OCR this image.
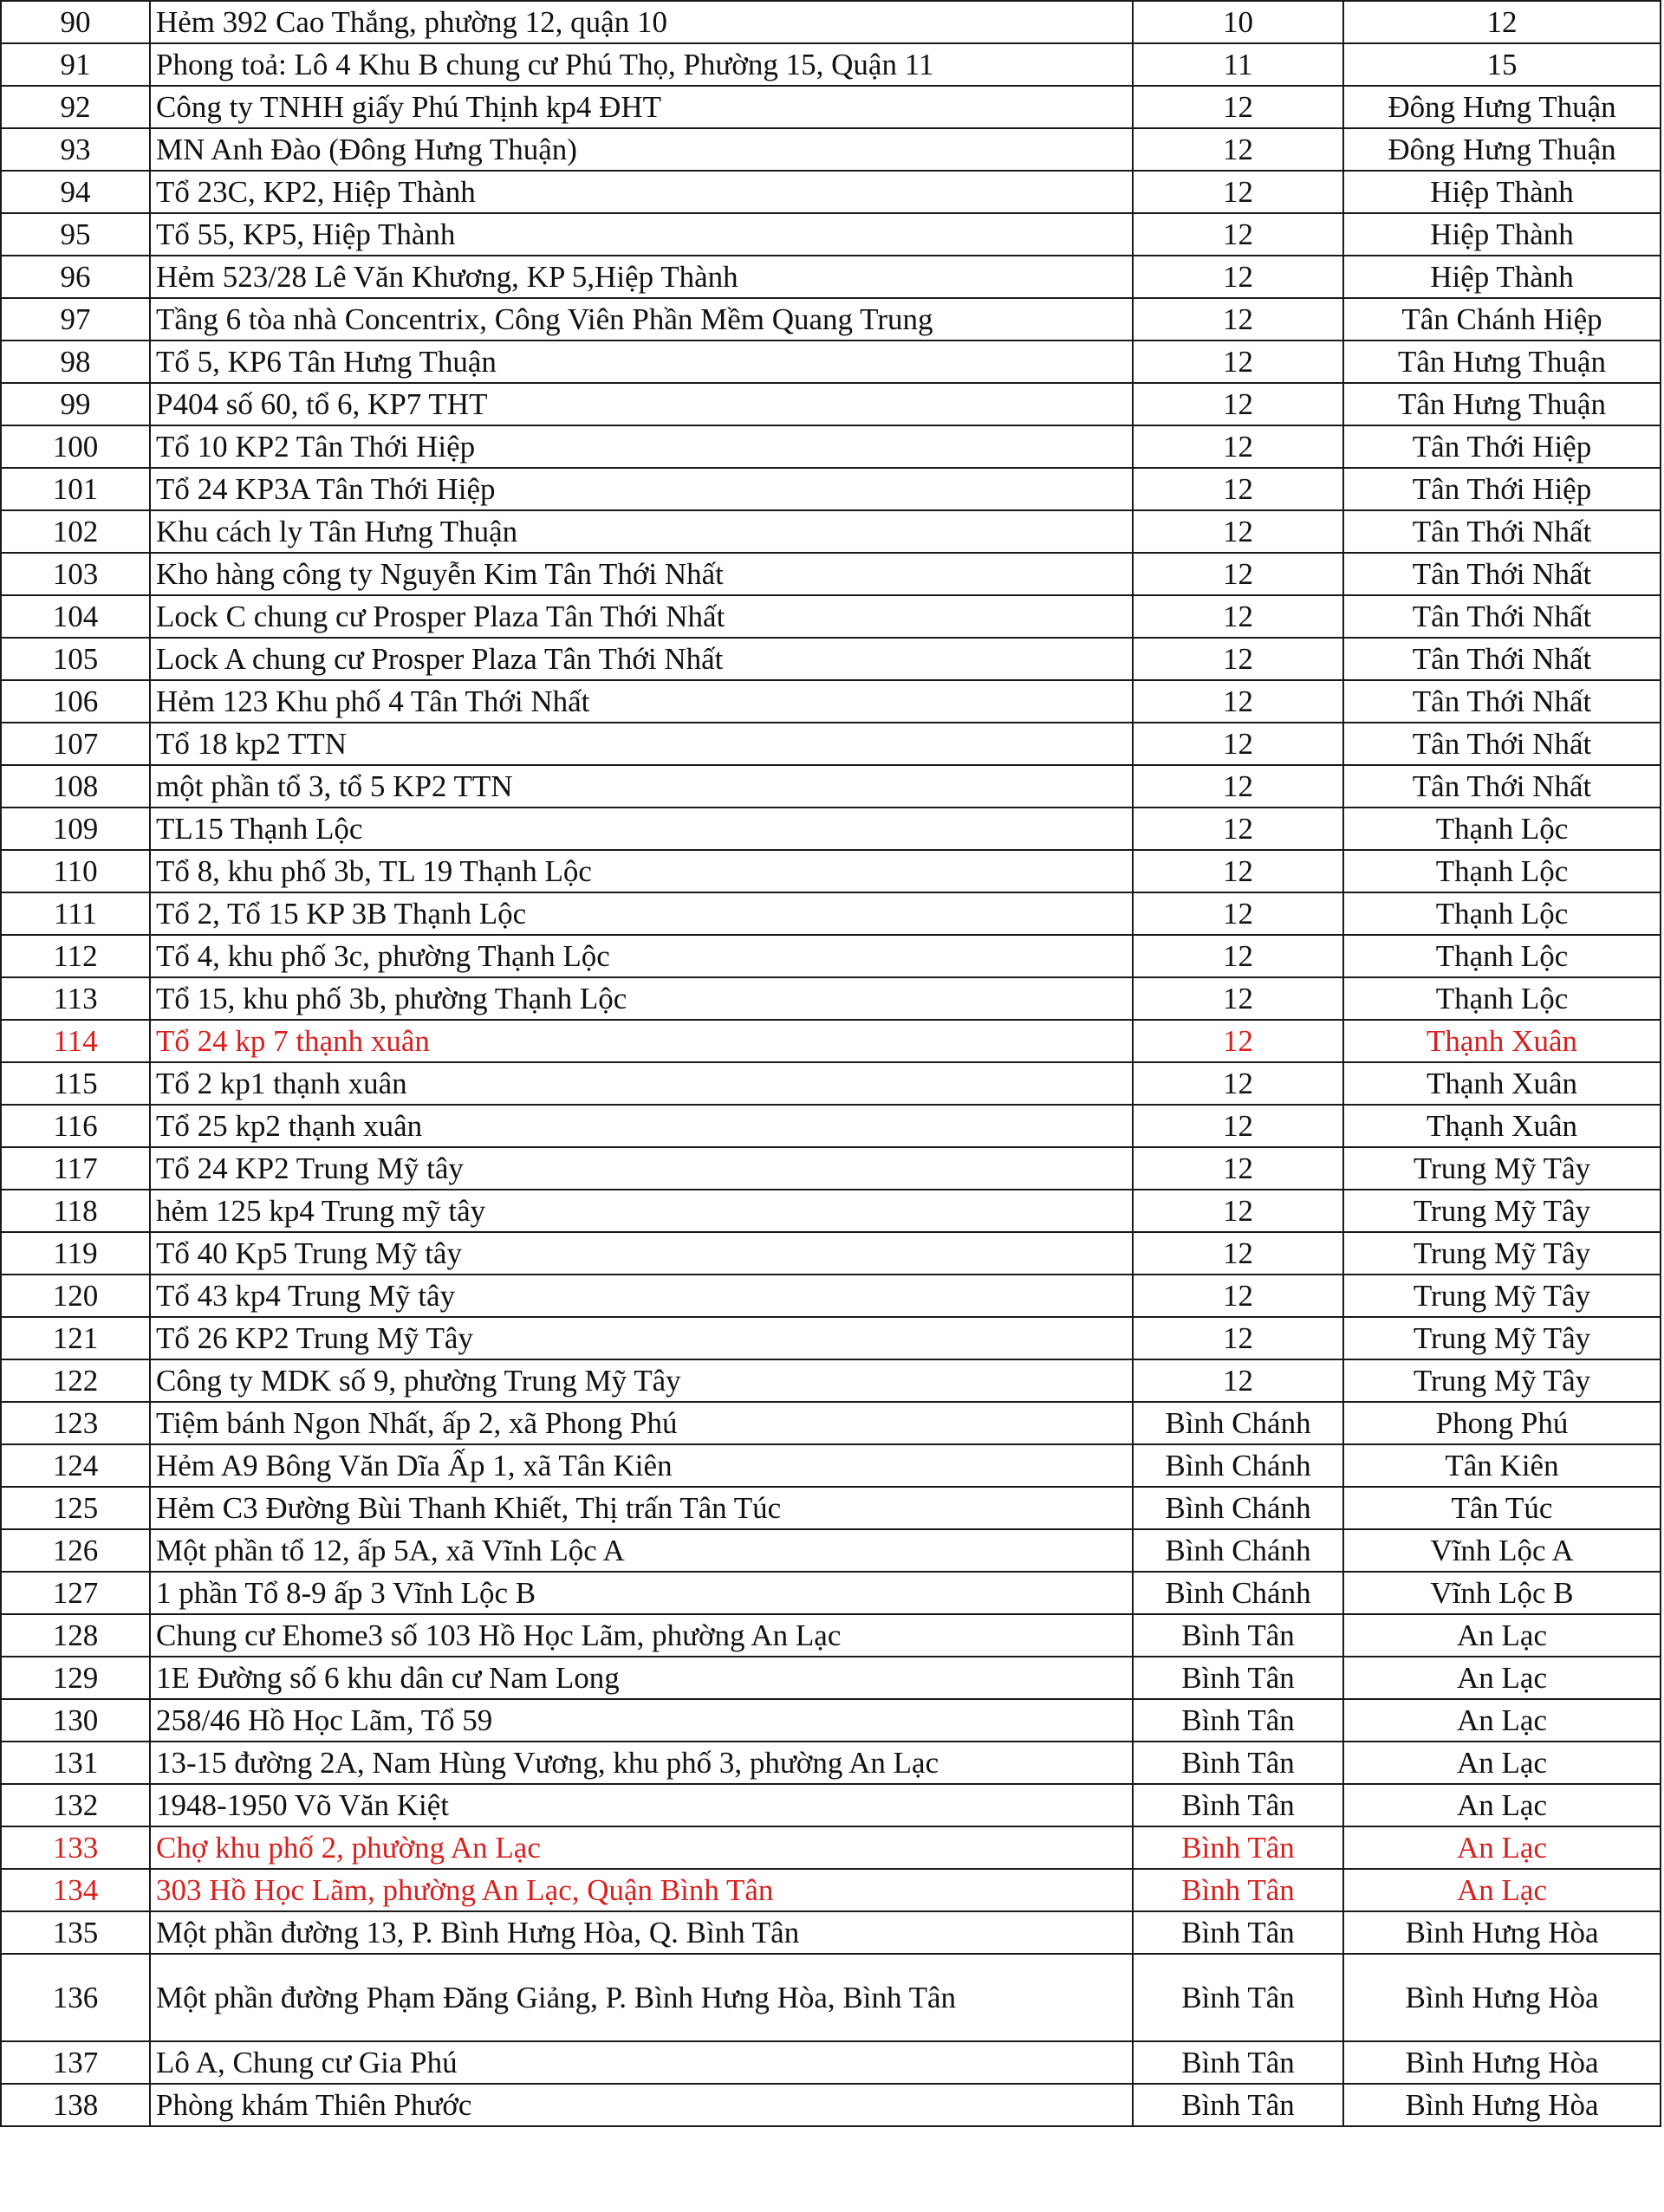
90	Hẻm 392 Cao Thắng, phường 12, quận 10	10	12
91	Phong toả: Lô 4 Khu B chung cư Phú Thọ, Phường 15, Quận 11	11	15
92	Công ty TNHH giấy Phú Thịnh kp4 ĐHT	12	Đông Hưng Thuận
93	MN Anh Đào (Đông Hưng Thuận)	12	Đông Hưng Thuận
94	Tổ 23C, KP2, Hiệp Thành	12	Hiệp Thành
95	Tổ 55, KP5, Hiệp Thành	12	Hiệp Thành
96	Hẻm 523/28 Lê Văn Khương, KP 5,Hiệp Thành	12	Hiệp Thành
97	Tầng 6 tòa nhà Concentrix, Công Viên Phần Mềm Quang Trung	12	Tân Chánh Hiệp
98	Tổ 5, KP6 Tân Hưng Thuận	12	Tân Hưng Thuận
99	P404 số 60, tổ 6, KP7 THT	12	Tân Hưng Thuận
100	Tổ 10 KP2 Tân Thới Hiệp	12	Tân Thới Hiệp
101	Tổ 24 KP3A Tân Thới Hiệp	12	Tân Thới Hiệp
102	Khu cách ly Tân Hưng Thuận	12	Tân Thới Nhất
103	Kho hàng công ty Nguyễn Kim Tân Thới Nhất	12	Tân Thới Nhất
104	Lock C chung cư Prosper Plaza Tân Thới Nhất	12	Tân Thới Nhất
105	Lock A chung cư Prosper Plaza Tân Thới Nhất	12	Tân Thới Nhất
106	Hẻm 123 Khu phố 4 Tân Thới Nhất	12	Tân Thới Nhất
107	Tổ 18 kp2 TTN	12	Tân Thới Nhất
108	một phần tổ 3, tổ 5 KP2 TTN	12	Tân Thới Nhất
109	TL15 Thạnh Lộc	12	Thạnh Lộc
110	Tổ 8, khu phố 3b, TL 19 Thạnh Lộc	12	Thạnh Lộc
111	Tổ 2, Tổ 15 KP 3B Thạnh Lộc	12	Thạnh Lộc
112	Tổ 4, khu phố 3c, phường Thạnh Lộc	12	Thạnh Lộc
113	Tổ 15, khu phố 3b, phường Thạnh Lộc	12	Thạnh Lộc
114	Tổ 24 kp 7 thạnh xuân	12	Thạnh Xuân
115	Tổ 2 kp1 thạnh xuân	12	Thạnh Xuân
116	Tổ 25 kp2 thạnh xuân	12	Thạnh Xuân
117	Tổ 24 KP2 Trung Mỹ tây	12	Trung Mỹ Tây
118	hẻm 125 kp4 Trung mỹ tây	12	Trung Mỹ Tây
119	Tổ 40 Kp5 Trung Mỹ tây	12	Trung Mỹ Tây
120	Tổ 43 kp4 Trung Mỹ tây	12	Trung Mỹ Tây
121	Tổ 26 KP2 Trung Mỹ Tây	12	Trung Mỹ Tây
122	Công ty MDK số 9, phường Trung Mỹ Tây	12	Trung Mỹ Tây
123	Tiệm bánh Ngon Nhất, ấp 2, xã Phong Phú	Bình Chánh	Phong Phú
124	Hẻm A9 Bông Văn Dĩa Ấp 1, xã Tân Kiên	Bình Chánh	Tân Kiên
125	Hẻm C3 Đường Bùi Thanh Khiết, Thị trấn Tân Túc	Bình Chánh	Tân Túc
126	Một phần tổ 12, ấp 5A, xã Vĩnh Lộc A	Bình Chánh	Vĩnh Lộc A
127	1 phần Tổ 8-9 ấp 3 Vĩnh Lộc B	Bình Chánh	Vĩnh Lộc B
128	Chung cư Ehome3 số 103 Hồ Học Lãm, phường An Lạc	Bình Tân	An Lạc
129	1E Đường số 6 khu dân cư Nam Long	Bình Tân	An Lạc
130	258/46 Hồ Học Lãm, Tổ 59	Bình Tân	An Lạc
131	13-15 đường 2A, Nam Hùng Vương, khu phố 3, phường An Lạc	Bình Tân	An Lạc
132	1948-1950 Võ Văn Kiệt	Bình Tân	An Lạc
133	Chợ khu phố 2, phường An Lạc	Bình Tân	An Lạc
134	303 Hồ Học Lãm, phường An Lạc, Quận Bình Tân	Bình Tân	An Lạc
135	Một phần đường 13, P. Bình Hưng Hòa, Q. Bình Tân	Bình Tân	Bình Hưng Hòa
136	Một phần đường Phạm Đăng Giảng, P. Bình Hưng Hòa, Bình Tân	Bình Tân	Bình Hưng Hòa
137	Lô A, Chung cư Gia Phú	Bình Tân	Bình Hưng Hòa
138	Phòng khám Thiên Phước	Bình Tân	Bình Hưng Hòa
